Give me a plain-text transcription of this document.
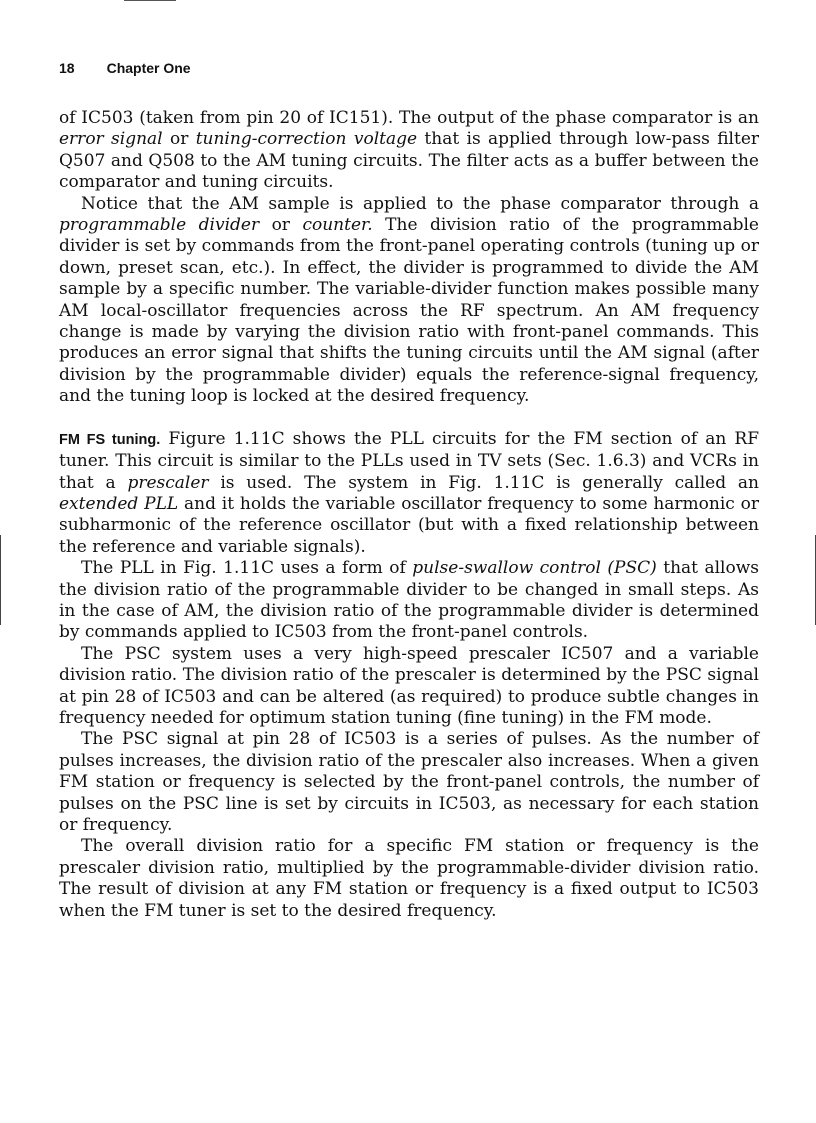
18 Chapter One

of IC503 (taken from pin 20 of IC151). The output of the phase comparator is an error signal or tuning-correction voltage that is applied through low-pass filter Q507 and Q508 to the AM tuning circuits. The filter acts as a buffer between the comparator and tuning circuits.

Notice that the AM sample is applied to the phase comparator through a programmable divider or counter. The division ratio of the programmable divider is set by commands from the front-panel operating controls (tuning up or down, preset scan, etc.). In effect, the divider is programmed to divide the AM sample by a specific number. The variable-divider function makes possible many AM local-oscillator frequencies across the RF spectrum. An AM frequency change is made by varying the division ratio with front-panel commands. This produces an error signal that shifts the tuning circuits until the AM signal (after division by the programmable divider) equals the reference-signal frequency, and the tuning loop is locked at the desired frequency.

FM FS tuning. Figure 1.11C shows the PLL circuits for the FM section of an RF tuner. This circuit is similar to the PLLs used in TV sets (Sec. 1.6.3) and VCRs in that a prescaler is used. The system in Fig. 1.11C is generally called an extended PLL and it holds the variable oscillator frequency to some harmonic or subharmonic of the reference oscillator (but with a fixed relationship between the reference and variable signals).

The PLL in Fig. 1.11C uses a form of pulse-swallow control (PSC) that allows the division ratio of the programmable divider to be changed in small steps. As in the case of AM, the division ratio of the programmable divider is determined by commands applied to IC503 from the front-panel controls.

The PSC system uses a very high-speed prescaler IC507 and a variable division ratio. The division ratio of the prescaler is determined by the PSC signal at pin 28 of IC503 and can be altered (as required) to produce subtle changes in frequency needed for optimum station tuning (fine tuning) in the FM mode.

The PSC signal at pin 28 of IC503 is a series of pulses. As the number of pulses increases, the division ratio of the prescaler also increases. When a given FM station or frequency is selected by the front-panel controls, the number of pulses on the PSC line is set by circuits in IC503, as necessary for each station or frequency.

The overall division ratio for a specific FM station or frequency is the prescaler division ratio, multiplied by the programmable-divider division ratio. The result of division at any FM station or frequency is a fixed output to IC503 when the FM tuner is set to the desired frequency.
